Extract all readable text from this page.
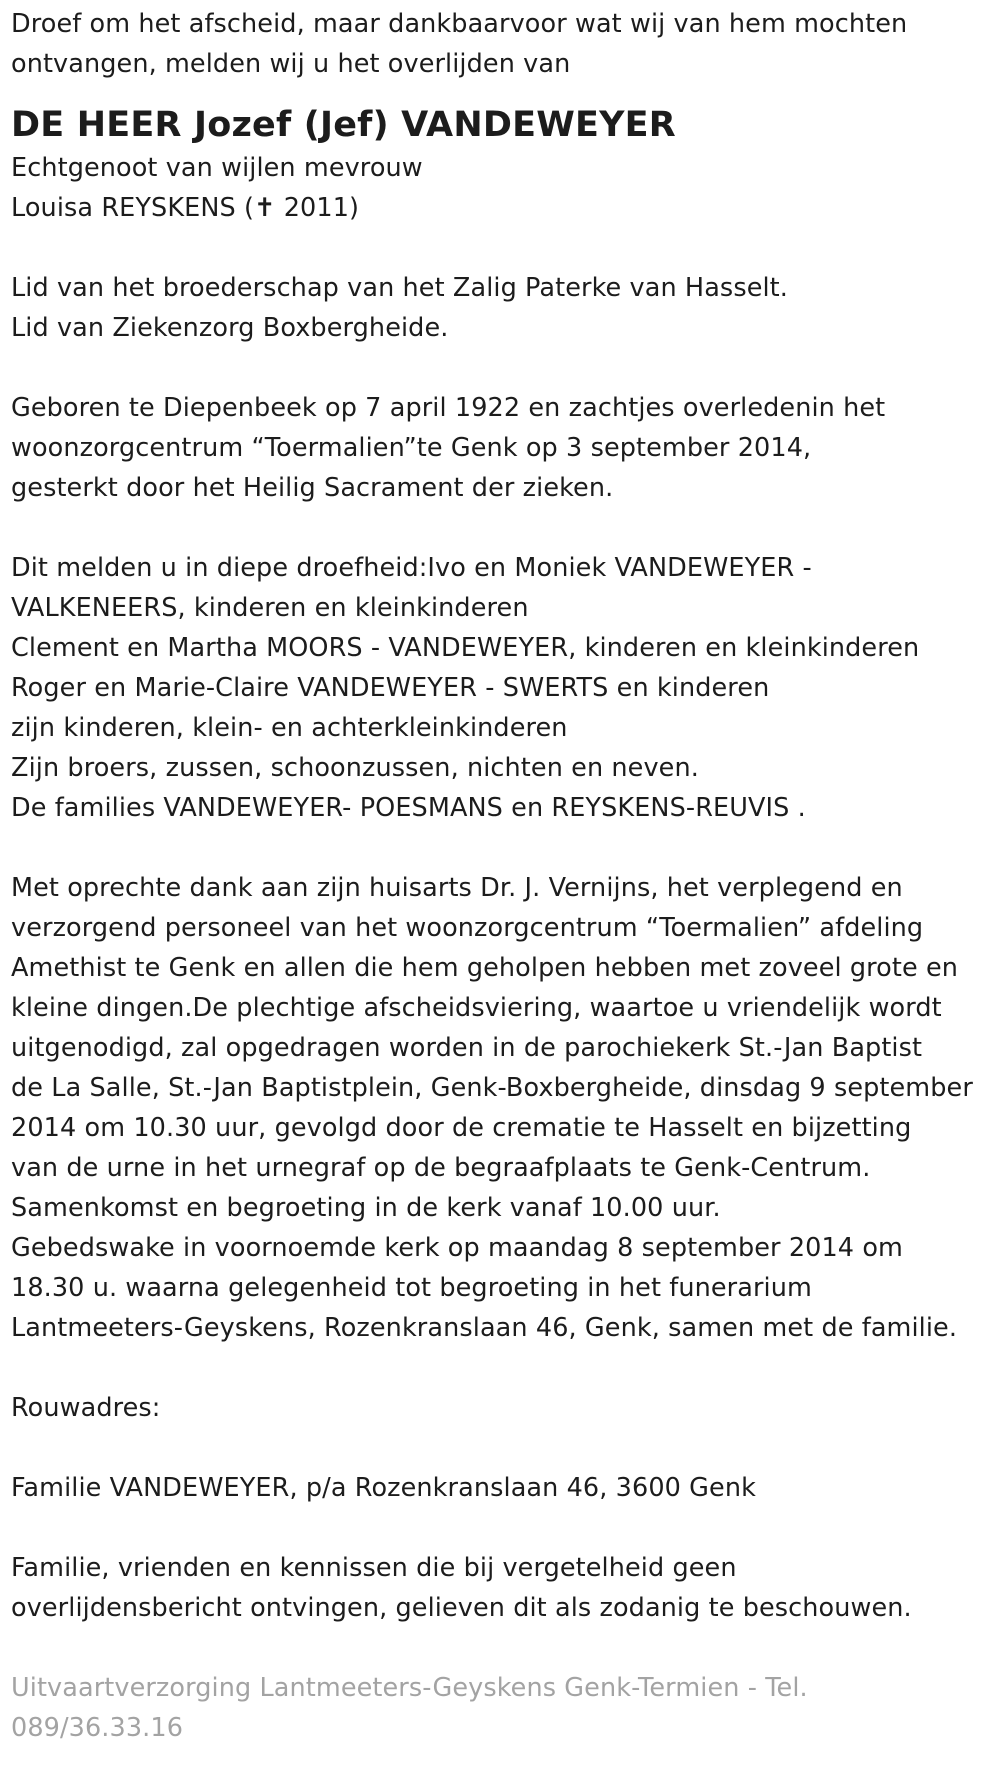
Droef om het afscheid, maar dankbaarvoor wat wij van hem mochten
ontvangen, melden wij u het overlijden van
DE HEER Jozef (Jef) VANDEWEYER
Echtgenoot van wijlen mevrouw
Louisa REYSKENS (✝ 2011)
Lid van het broederschap van het Zalig Paterke van Hasselt.
Lid van Ziekenzorg Boxbergheide.
Geboren te Diepenbeek op 7 april 1922 en zachtjes overledenin het
woonzorgcentrum “Toermalien”te Genk op 3 september 2014,
gesterkt door het Heilig Sacrament der zieken.
Dit melden u in diepe droefheid:Ivo en Moniek VANDEWEYER -
VALKENEERS, kinderen en kleinkinderen
Clement en Martha MOORS - VANDEWEYER, kinderen en kleinkinderen
Roger en Marie-Claire VANDEWEYER - SWERTS en kinderen
zijn kinderen, klein- en achterkleinkinderen
Zijn broers, zussen, schoonzussen, nichten en neven.
De families VANDEWEYER- POESMANS en REYSKENS-REUVIS .
Met oprechte dank aan zijn huisarts Dr. J. Vernijns, het verplegend en
verzorgend personeel van het woonzorgcentrum “Toermalien” afdeling
Amethist te Genk en allen die hem geholpen hebben met zoveel grote en
kleine dingen.De plechtige afscheidsviering, waartoe u vriendelijk wordt
uitgenodigd, zal opgedragen worden in de parochiekerk St.-Jan Baptist
de La Salle, St.-Jan Baptistplein, Genk-Boxbergheide, dinsdag 9 september
2014 om 10.30 uur, gevolgd door de crematie te Hasselt en bijzetting
van de urne in het urnegraf op de begraafplaats te Genk-Centrum.
Samenkomst en begroeting in de kerk vanaf 10.00 uur.
Gebedswake in voornoemde kerk op maandag 8 september 2014 om
18.30 u. waarna gelegenheid tot begroeting in het funerarium
Lantmeeters-Geyskens, Rozenkranslaan 46, Genk, samen met de familie.
Rouwadres:
Familie VANDEWEYER, p/a Rozenkranslaan 46, 3600 Genk
Familie, vrienden en kennissen die bij vergetelheid geen
overlijdensbericht ontvingen, gelieven dit als zodanig te beschouwen.
Uitvaartverzorging Lantmeeters-Geyskens Genk-Termien - Tel.
089/36.33.16
